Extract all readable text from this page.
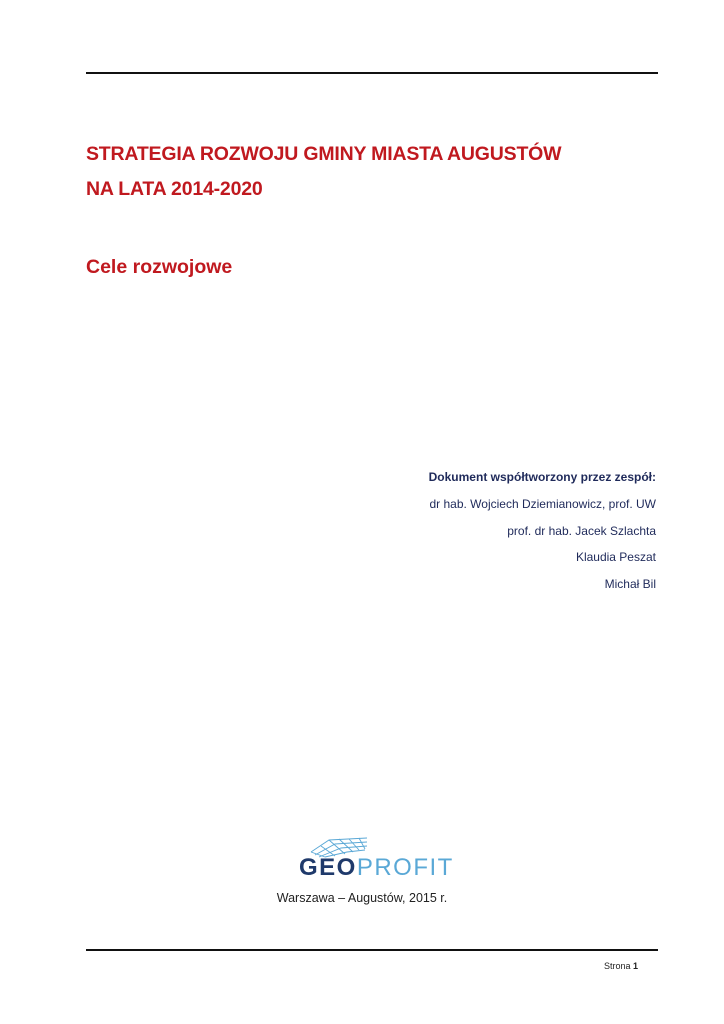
STRATEGIA ROZWOJU GMINY MIASTA AUGUSTÓW
NA LATA 2014-2020
Cele rozwojowe
Dokument współtworzony przez zespół:
dr hab. Wojciech Dziemianowicz, prof. UW
prof. dr hab. Jacek Szlachta
Klaudia Peszat
Michał Bil
GEOPROFIT
Warszawa – Augustów, 2015 r.
Strona 1
